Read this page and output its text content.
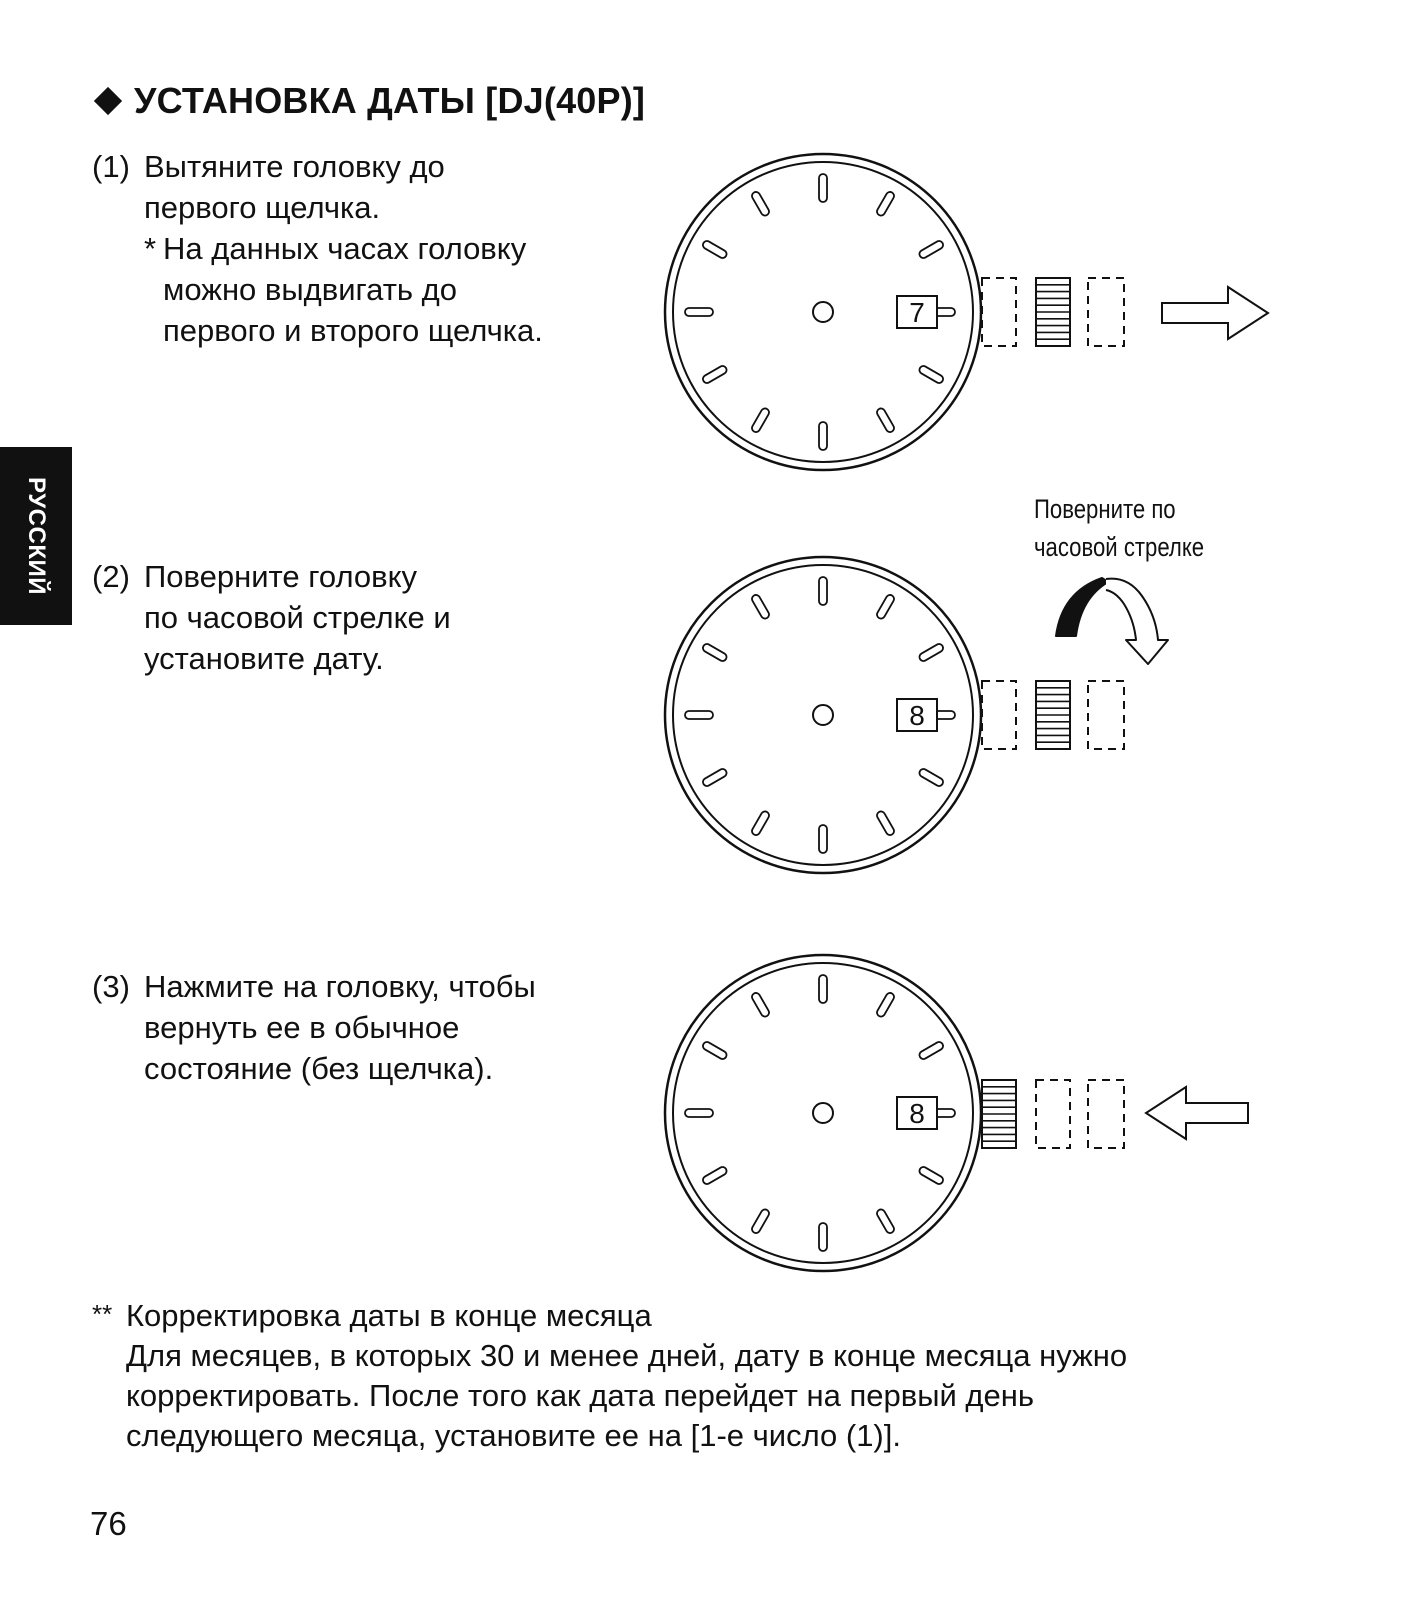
УСТАНОВКА ДАТЫ [DJ(40P)]
РУССКИЙ
(1) Вытяните головку до
первого щелчка.
* На данных часах головку
можно выдвигать до
первого и второго щелчка.
(2) Поверните головку
по часовой стрелке и
установите дату.
(3) Нажмите на головку, чтобы
вернуть ее в обычное
состояние (без щелчка).
Поверните по
часовой стрелке
7
8
8
** Корректировка даты в конце месяца
Для месяцев, в которых 30 и менее дней, дату в конце месяца нужно
корректировать. После того как дата перейдет на первый день
следующего месяца, установите ее на [1-е число (1)].
76
